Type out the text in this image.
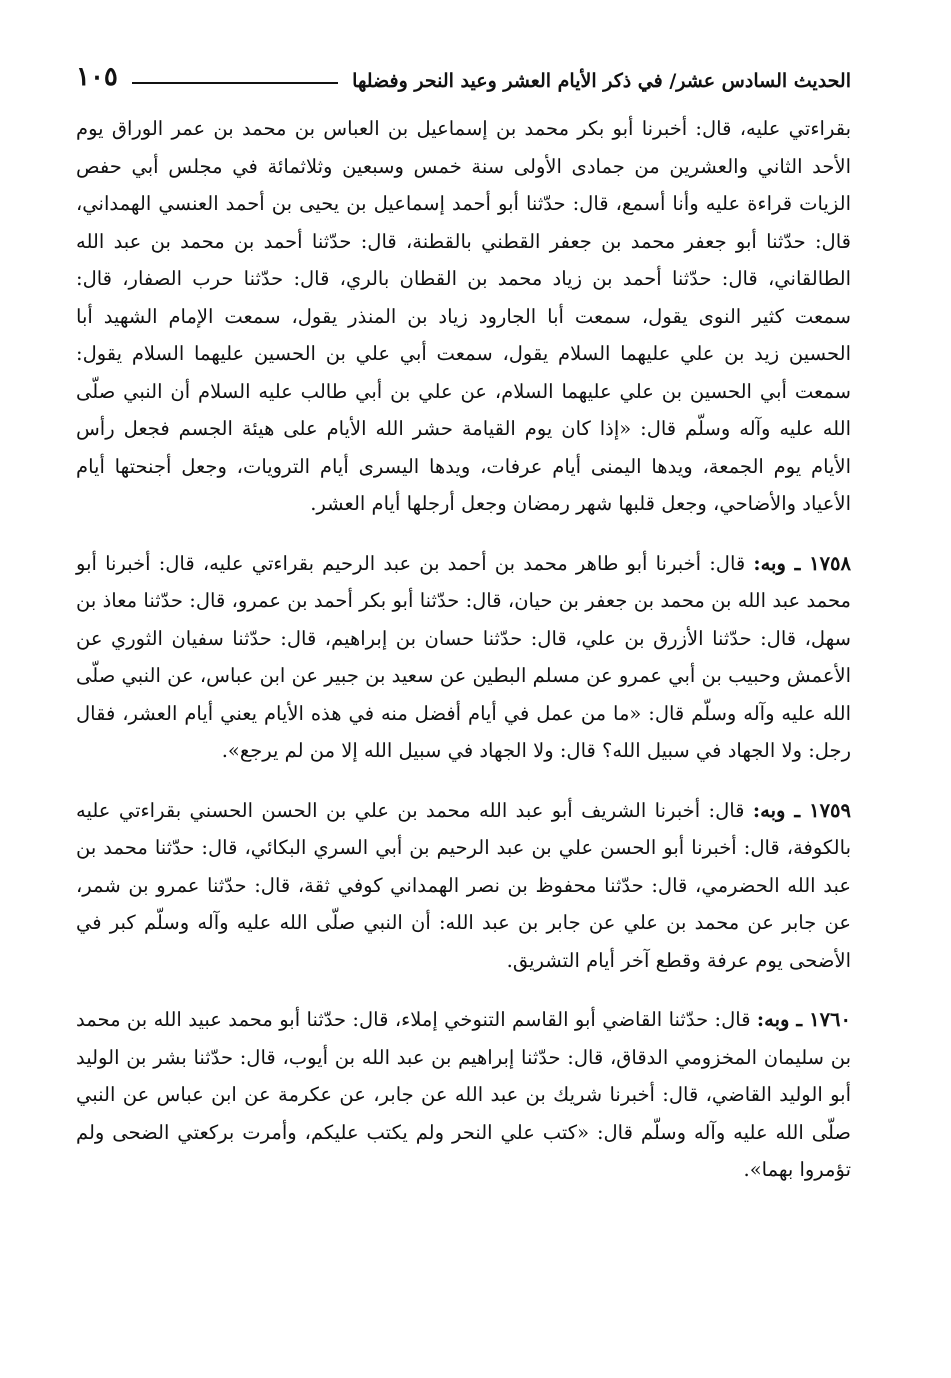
الحديث السادس عشر/ في ذكر الأيام العشر وعيد النحر وفضلها
١٠٥

بقراءتي عليه، قال: أخبرنا أبو بكر محمد بن إسماعيل بن العباس بن محمد بن عمر الوراق يوم الأحد الثاني والعشرين من جمادى الأولى سنة خمس وسبعين وثلاثمائة في مجلس أبي حفص الزيات قراءة عليه وأنا أسمع، قال: حدّثنا أبو أحمد إسماعيل بن يحيى بن أحمد العنسي الهمداني، قال: حدّثنا أبو جعفر محمد بن جعفر القطني بالقطنة، قال: حدّثنا أحمد بن محمد بن عبد الله الطالقاني، قال: حدّثنا أحمد بن زياد محمد بن القطان بالري، قال: حدّثنا حرب الصفار، قال: سمعت كثير النوى يقول، سمعت أبا الجارود زياد بن المنذر يقول، سمعت الإمام الشهيد أبا الحسين زيد بن علي عليهما السلام يقول، سمعت أبي علي بن الحسين عليهما السلام يقول: سمعت أبي الحسين بن علي عليهما السلام، عن علي بن أبي طالب عليه السلام أن النبي صلّى الله عليه وآله وسلّم قال: «إذا كان يوم القيامة حشر الله الأيام على هيئة الجسم فجعل رأس الأيام يوم الجمعة، ويدها اليمنى أيام عرفات، ويدها اليسرى أيام الترويات، وجعل أجنحتها أيام الأعياد والأضاحي، وجعل قلبها شهر رمضان وجعل أرجلها أيام العشر.

١٧٥٨ ـ وبه: قال: أخبرنا أبو طاهر محمد بن أحمد بن عبد الرحيم بقراءتي عليه، قال: أخبرنا أبو محمد عبد الله بن محمد بن جعفر بن حيان، قال: حدّثنا أبو بكر أحمد بن عمرو، قال: حدّثنا معاذ بن سهل، قال: حدّثنا الأزرق بن علي، قال: حدّثنا حسان بن إبراهيم، قال: حدّثنا سفيان الثوري عن الأعمش وحبيب بن أبي عمرو عن مسلم البطين عن سعيد بن جبير عن ابن عباس، عن النبي صلّى الله عليه وآله وسلّم قال: «ما من عمل في أيام أفضل منه في هذه الأيام يعني أيام العشر، فقال رجل: ولا الجهاد في سبيل الله؟ قال: ولا الجهاد في سبيل الله إلا من لم يرجع».

١٧٥٩ ـ وبه: قال: أخبرنا الشريف أبو عبد الله محمد بن علي بن الحسن الحسني بقراءتي عليه بالكوفة، قال: أخبرنا أبو الحسن علي بن عبد الرحيم بن أبي السري البكائي، قال: حدّثنا محمد بن عبد الله الحضرمي، قال: حدّثنا محفوظ بن نصر الهمداني كوفي ثقة، قال: حدّثنا عمرو بن شمر، عن جابر عن محمد بن علي عن جابر بن عبد الله: أن النبي صلّى الله عليه وآله وسلّم كبر في الأضحى يوم عرفة وقطع آخر أيام التشريق.

١٧٦٠ ـ وبه: قال: حدّثنا القاضي أبو القاسم التنوخي إملاء، قال: حدّثنا أبو محمد عبيد الله بن محمد بن سليمان المخزومي الدقاق، قال: حدّثنا إبراهيم بن عبد الله بن أيوب، قال: حدّثنا بشر بن الوليد أبو الوليد القاضي، قال: أخبرنا شريك بن عبد الله عن جابر، عن عكرمة عن ابن عباس عن النبي صلّى الله عليه وآله وسلّم قال: «كتب علي النحر ولم يكتب عليكم، وأمرت بركعتي الضحى ولم تؤمروا بهما».
